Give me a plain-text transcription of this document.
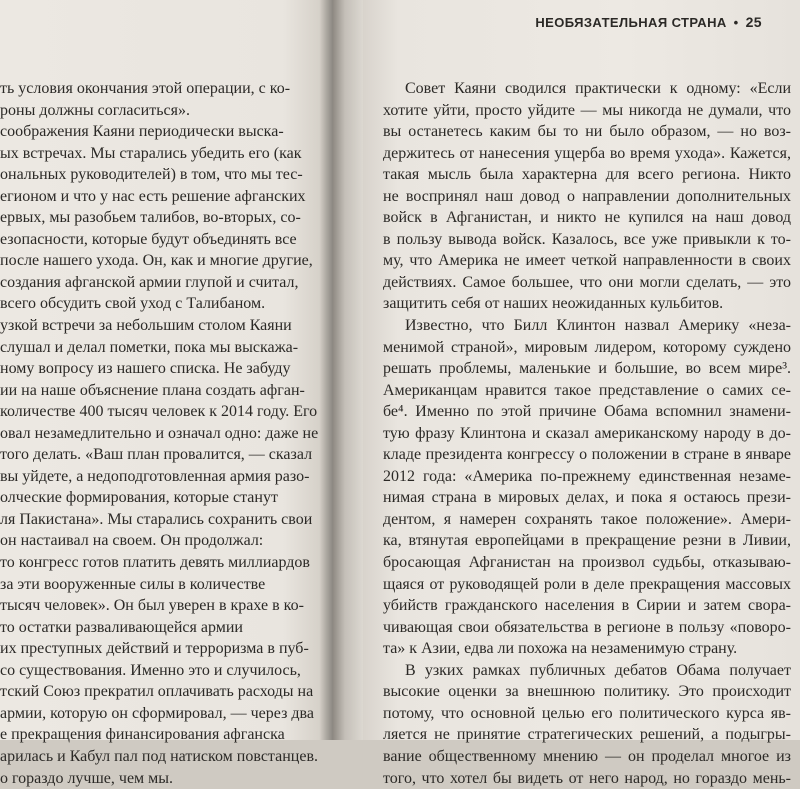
ть условия окончания этой операции, с ко-
роны должны согласиться».
соображения Каяни периодически выска-
ых встречах. Мы старались убедить его (как
ональных руководителей) в том, что мы тес-
егионом и что у нас есть решение афганских
ервых, мы разобьем талибов, во-вторых, со-
езопасности, которые будут объединять все
после нашего ухода. Он, как и многие другие,
создания афганской армии глупой и считал,
всего обсудить свой уход с Талибаном.
узкой встречи за небольшим столом Каяни
слушал и делал пометки, пока мы выскажа-
ному вопросу из нашего списка. Не забуду
ии на наше объяснение плана создать афган-
количестве 400 тысяч человек к 2014 году. Его
овал незамедлительно и означал одно: даже не
того делать. «Ваш план провалится, — сказал
вы уйдете, а недоподготовленная армия разо-
олческие формирования, которые станут
ля Пакистана». Мы старались сохранить свои
он настаивал на своем. Он продолжал:
то конгресс готов платить девять миллиардов
за эти вооруженные силы в количестве
тысяч человек». Он был уверен в крахе в ко-
то остатки разваливающейся армии
их преступных действий и терроризма в пуб-
со существования. Именно это и случилось,
тский Союз прекратил оплачивать расходы на
армии, которую он сформировал, — через два
е прекращения финансирования афганска
арилась и Кабул пал под натиском повстанцев.
о гораздо лучше, чем мы.
НЕОБЯЗАТЕЛЬНАЯ СТРАНА • 25
Совет Каяни сводился практически к одному: «Если
хотите уйти, просто уйдите — мы никогда не думали, что
вы останетесь каким бы то ни было образом, — но воз-
держитесь от нанесения ущерба во время ухода». Кажется,
такая мысль была характерна для всего региона. Никто
не воспринял наш довод о направлении дополнительных
войск в Афганистан, и никто не купился на наш довод
в пользу вывода войск. Казалось, все уже привыкли к то-
му, что Америка не имеет четкой направленности в своих
действиях. Самое большее, что они могли сделать, — это
защитить себя от наших неожиданных кульбитов.
Известно, что Билл Клинтон назвал Америку «неза-
менимой страной», мировым лидером, которому суждено
решать проблемы, маленькие и большие, во всем мире³.
Американцам нравится такое представление о самих се-
бе⁴. Именно по этой причине Обама вспомнил знамени-
тую фразу Клинтона и сказал американскому народу в до-
кладе президента конгрессу о положении в стране в январе
2012 года: «Америка по-прежнему единственная незаме-
нимая страна в мировых делах, и пока я остаюсь прези-
дентом, я намерен сохранять такое положение». Амери-
ка, втянутая европейцами в прекращение резни в Ливии,
бросающая Афганистан на произвол судьбы, отказываю-
щаяся от руководящей роли в деле прекращения массовых
убийств гражданского населения в Сирии и затем свора-
чивающая свои обязательства в регионе в пользу «поворо-
та» к Азии, едва ли похожа на незаменимую страну.
В узких рамках публичных дебатов Обама получает
высокие оценки за внешнюю политику. Это происходит
потому, что основной целью его политического курса яв-
ляется не принятие стратегических решений, а подыгры-
вание общественному мнению — он проделал многое из
того, что хотел бы видеть от него народ, но гораздо мень-
